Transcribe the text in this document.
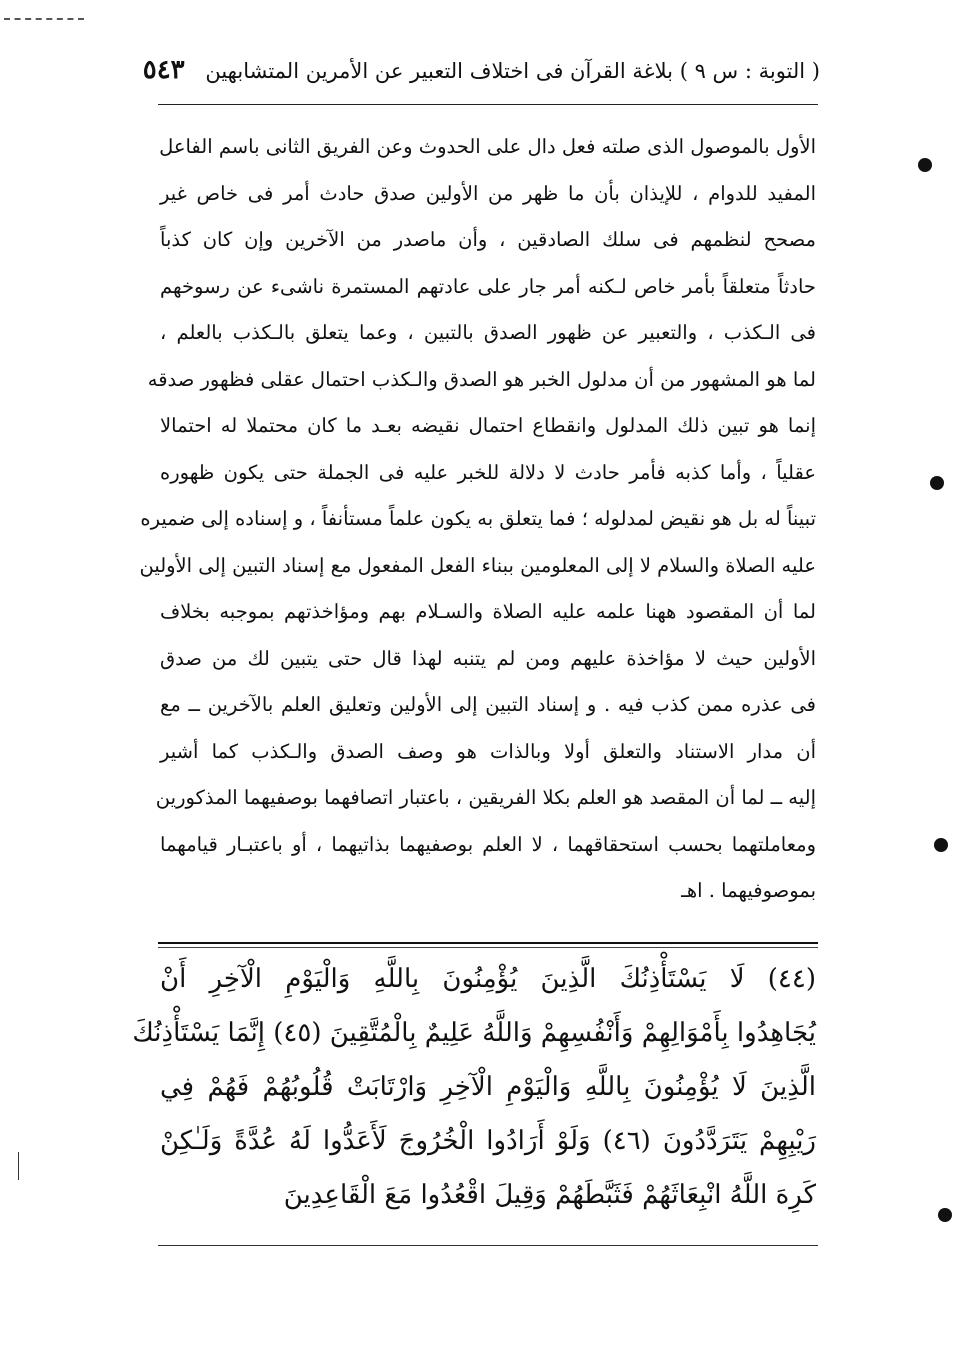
( التوبة : س ٩ ) بلاغة القرآن فى اختلاف التعبير عن الأمرين المتشابهين ٥٤٣
الأول بالموصول الذى صلته فعل دال على الحدوث وعن الفريق الثانى باسم الفاعل
المفيد للدوام ، للإيذان بأن ما ظهر من الأولين صدق حادث أمر فى خاص غير
مصحح لنظمهم فى سلك الصادقين ، وأن ماصدر من الآخرين وإن كان كذباً
حادثاً متعلقاً بأمر خاص لـكنه أمر جار على عادتهم المستمرة ناشىء عن رسوخهم
فى الـكذب ، والتعبير عن ظهور الصدق بالتبين ، وعما يتعلق بالـكذب بالعلم ،
لما هو المشهور من أن مدلول الخبر هو الصدق والـكذب احتمال عقلى فظهور صدقه
إنما هو تبين ذلك المدلول وانقطاع احتمال نقيضه بعـد ما كان محتملا له احتمالا
عقلياً ، وأما كذبه فأمر حادث لا دلالة للخبر عليه فى الجملة حتى يكون ظهوره
تبيناً له بل هو نقيض لمدلوله ؛ فما يتعلق به يكون علماً مستأنفاً ، و إسناده إلى ضميره
عليه الصلاة والسلام لا إلى المعلومين ببناء الفعل المفعول مع إسناد التبين إلى الأولين
لما أن المقصود ههنا علمه عليه الصلاة والسـلام بهم ومؤاخذتهم بموجبه بخلاف
الأولين حيث لا مؤاخذة عليهم ومن لم يتنبه لهذا قال حتى يتبين لك من صدق
فى عذره ممن كذب فيه . و إسناد التبين إلى الأولين وتعليق العلم بالآخرين ــ مع
أن مدار الاستناد والتعلق أولا وبالذات هو وصف الصدق والـكذب كما أشير
إليه ــ لما أن المقصد هو العلم بكلا الفريقين ، باعتبار اتصافهما بوصفيهما المذكورين
ومعاملتهما بحسب استحقاقهما ، لا العلم بوصفيهما بذاتيهما ، أو باعتبـار قيامهما
بموصوفيهما . اهـ
(٤٤) لَا يَسْتَأْذِنُكَ الَّذِينَ يُؤْمِنُونَ بِاللَّهِ وَالْيَوْمِ الْآخِرِ أَنْ
يُجَاهِدُوا بِأَمْوَالِهِمْ وَأَنْفُسِهِمْ وَاللَّهُ عَلِيمٌ بِالْمُتَّقِينَ (٤٥) إِنَّمَا يَسْتَأْذِنُكَ
الَّذِينَ لَا يُؤْمِنُونَ بِاللَّهِ وَالْيَوْمِ الْآخِرِ وَارْتَابَتْ قُلُوبُهُمْ فَهُمْ فِي
رَيْبِهِمْ يَتَرَدَّدُونَ (٤٦) وَلَوْ أَرَادُوا الْخُرُوجَ لَأَعَدُّوا لَهُ عُدَّةً وَلَـٰكِنْ
كَرِهَ اللَّهُ انْبِعَاثَهُمْ فَثَبَّطَهُمْ وَقِيلَ اقْعُدُوا مَعَ الْقَاعِدِينَ
